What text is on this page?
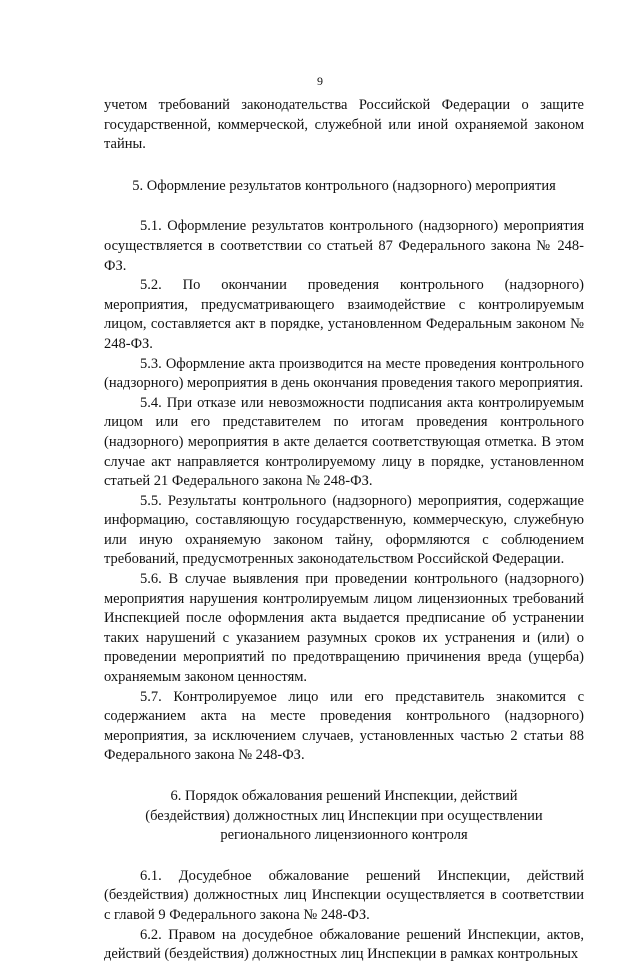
9

учетом требований законодательства Российской Федерации о защите государственной, коммерческой, служебной или иной охраняемой законом тайны.

5. Оформление результатов контрольного (надзорного) мероприятия

5.1. Оформление результатов контрольного (надзорного) мероприятия осуществляется в соответствии со статьей 87 Федерального закона № 248-ФЗ.

5.2. По окончании проведения контрольного (надзорного) мероприятия, предусматривающего взаимодействие с контролируемым лицом, составляется акт в порядке, установленном Федеральным законом № 248-ФЗ.

5.3. Оформление акта производится на месте проведения контрольного (надзорного) мероприятия в день окончания проведения такого мероприятия.

5.4. При отказе или невозможности подписания акта контролируемым лицом или его представителем по итогам проведения контрольного (надзорного) мероприятия в акте делается соответствующая отметка. В этом случае акт направляется контролируемому лицу в порядке, установленном статьей 21 Федерального закона № 248-ФЗ.

5.5. Результаты контрольного (надзорного) мероприятия, содержащие информацию, составляющую государственную, коммерческую, служебную или иную охраняемую законом тайну, оформляются с соблюдением требований, предусмотренных законодательством Российской Федерации.

5.6. В случае выявления при проведении контрольного (надзорного) мероприятия нарушения контролируемым лицом лицензионных требований Инспекцией после оформления акта выдается предписание об устранении таких нарушений с указанием разумных сроков их устранения и (или) о проведении мероприятий по предотвращению причинения вреда (ущерба) охраняемым законом ценностям.

5.7. Контролируемое лицо или его представитель знакомится с содержанием акта на месте проведения контрольного (надзорного) мероприятия, за исключением случаев, установленных частью 2 статьи 88 Федерального закона № 248-ФЗ.

6. Порядок обжалования решений Инспекции, действий

(бездействия) должностных лиц Инспекции при осуществлении

регионального лицензионного контроля

6.1. Досудебное обжалование решений Инспекции, действий (бездействия) должностных лиц Инспекции осуществляется в соответствии с главой 9 Федерального закона № 248-ФЗ.

6.2. Правом на досудебное обжалование решений Инспекции, актов, действий (бездействия) должностных лиц Инспекции в рамках контрольных
